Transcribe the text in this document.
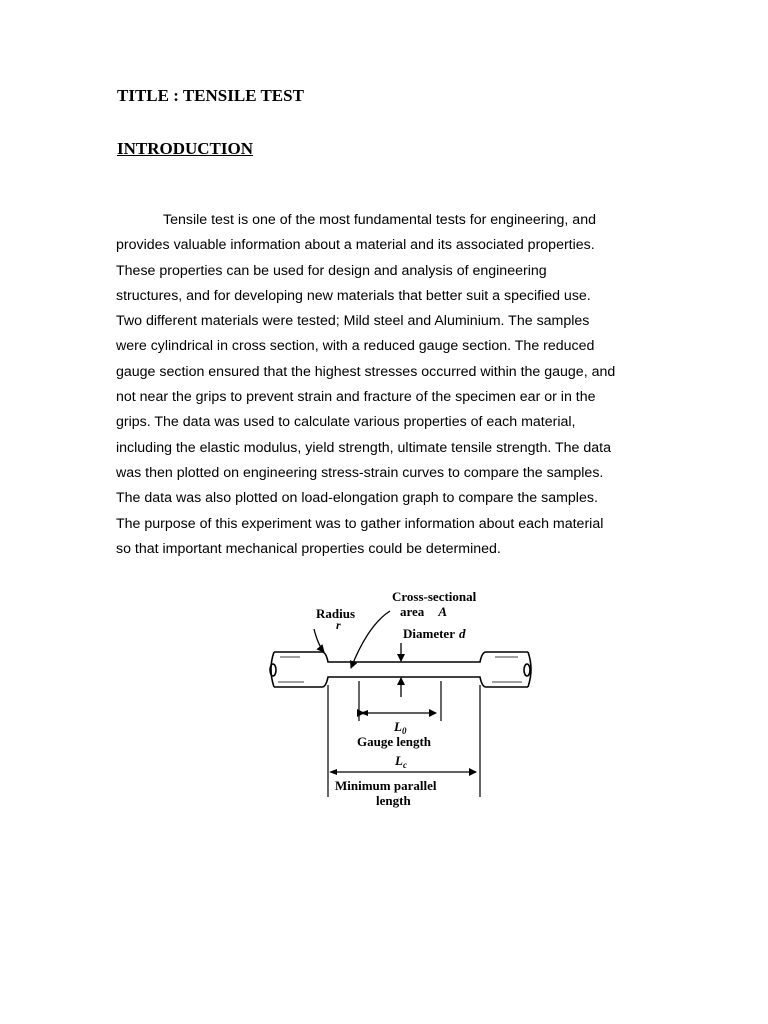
TITLE : TENSILE TEST
INTRODUCTION

Tensile test is one of the most fundamental tests for engineering, and
provides valuable information about a material and its associated properties.
These properties can be used for design and analysis of engineering
structures, and for developing new materials that better suit a specified use.
Two different materials were tested; Mild steel and Aluminium. The samples
were cylindrical in cross section, with a reduced gauge section. The reduced
gauge section ensured that the highest stresses occurred within the gauge, and
not near the grips to prevent strain and fracture of the specimen ear or in the
grips. The data was used to calculate various properties of each material,
including the elastic modulus, yield strength, ultimate tensile strength. The data
was then plotted on engineering stress-strain curves to compare the samples.
The data was also plotted on load-elongation graph to compare the samples.
The purpose of this experiment was to gather information about each material
so that important mechanical properties could be determined.

Cross-sectional
area A
Radius
r
Diameter d
$L_0$
Gauge length
$L_c$
Minimum parallel
length
